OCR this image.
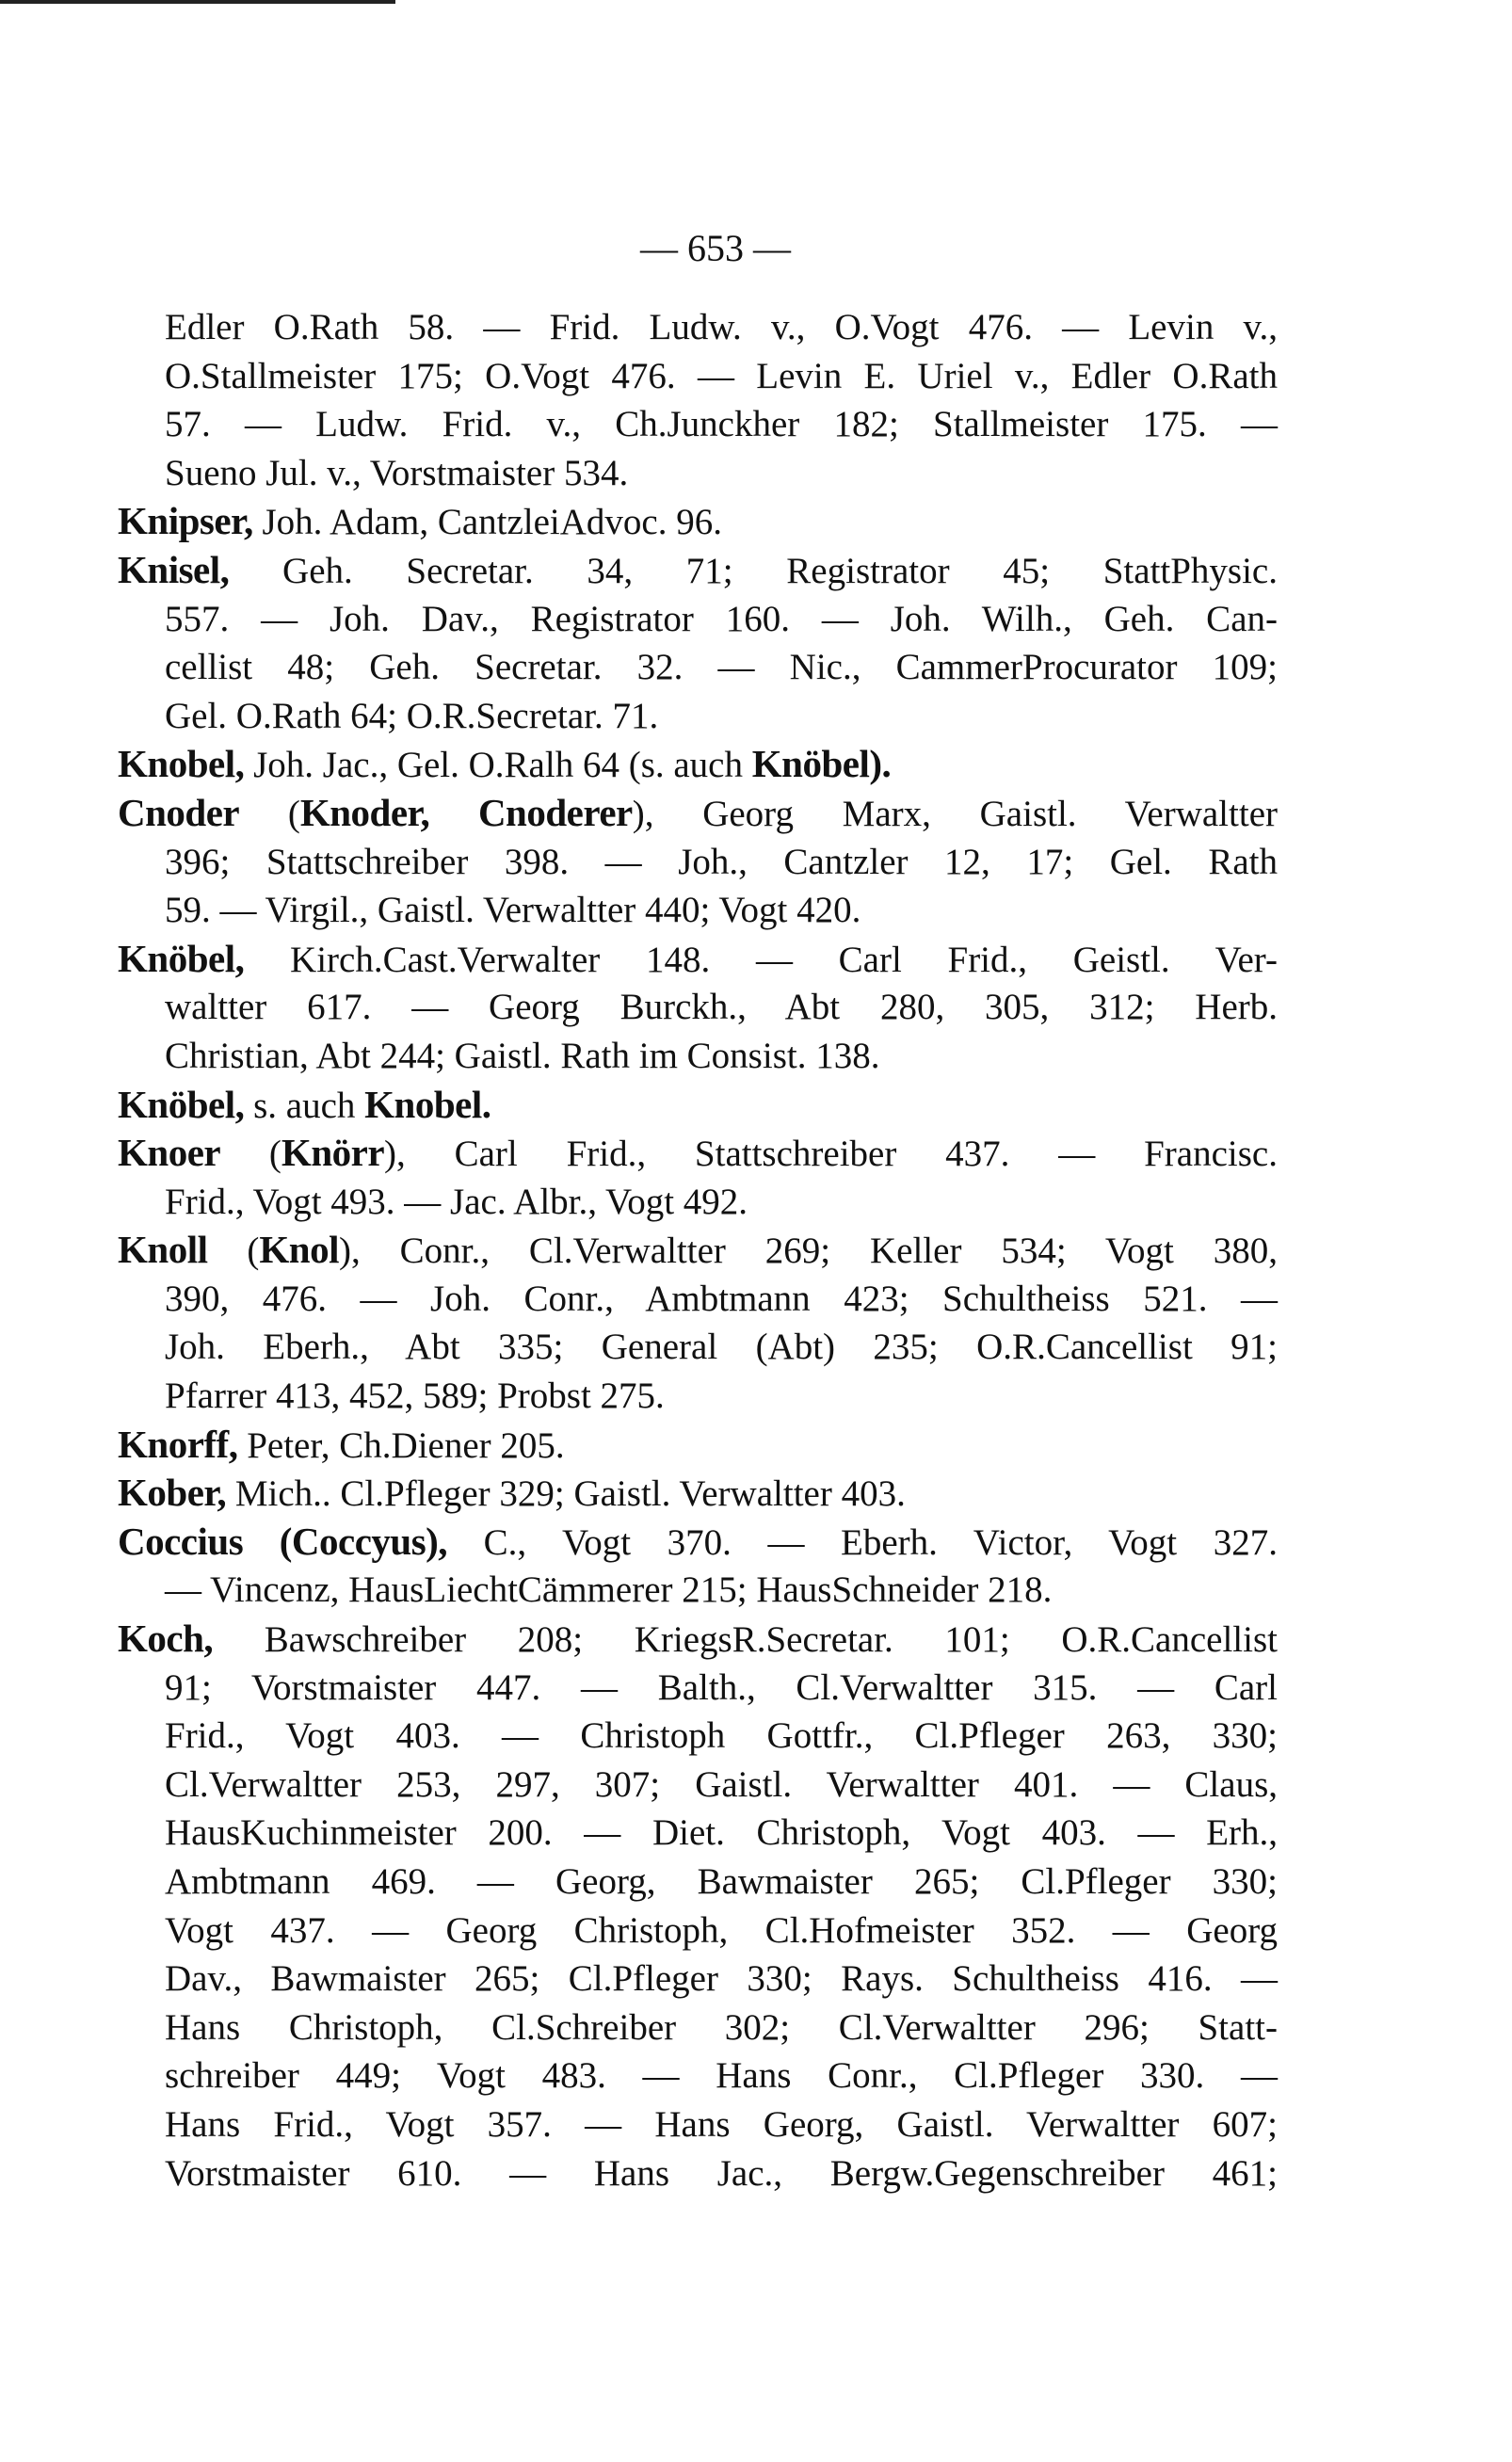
— 653 —
Edler O.Rath 58. — Frid. Ludw. v., O.Vogt 476. — Levin v.,
O.Stallmeister 175; O.Vogt 476. — Levin E. Uriel v., Edler O.Rath
57. — Ludw. Frid. v., Ch.Junckher 182; Stallmeister 175. —
Sueno Jul. v., Vorstmaister 534.
Knipser, Joh. Adam, CantzleiAdvoc. 96.
Knisel, Geh. Secretar. 34, 71; Registrator 45; StattPhysic.
557. — Joh. Dav., Registrator 160. — Joh. Wilh., Geh. Can-
cellist 48; Geh. Secretar. 32. — Nic., CammerProcurator 109;
Gel. O.Rath 64; O.R.Secretar. 71.
Knobel, Joh. Jac., Gel. O.Ralh 64 (s. auch Knöbel).
Cnoder (Knoder, Cnoderer), Georg Marx, Gaistl. Verwaltter
396; Stattschreiber 398. — Joh., Cantzler 12, 17; Gel. Rath
59. — Virgil., Gaistl. Verwaltter 440; Vogt 420.
Knöbel, Kirch.Cast.Verwalter 148. — Carl Frid., Geistl. Ver-
waltter 617. — Georg Burckh., Abt 280, 305, 312; Herb.
Christian, Abt 244; Gaistl. Rath im Consist. 138.
Knöbel, s. auch Knobel.
Knoer (Knörr), Carl Frid., Stattschreiber 437. — Francisc.
Frid., Vogt 493. — Jac. Albr., Vogt 492.
Knoll (Knol), Conr., Cl.Verwaltter 269; Keller 534; Vogt 380,
390, 476. — Joh. Conr., Ambtmann 423; Schultheiss 521. —
Joh. Eberh., Abt 335; General (Abt) 235; O.R.Cancellist 91;
Pfarrer 413, 452, 589; Probst 275.
Knorff, Peter, Ch.Diener 205.
Kober, Mich.. Cl.Pfleger 329; Gaistl. Verwaltter 403.
Coccius (Coccyus), C., Vogt 370. — Eberh. Victor, Vogt 327.
— Vincenz, HausLiechtCämmerer 215; HausSchneider 218.
Koch, Bawschreiber 208; KriegsR.Secretar. 101; O.R.Cancellist
91; Vorstmaister 447. — Balth., Cl.Verwaltter 315. — Carl
Frid., Vogt 403. — Christoph Gottfr., Cl.Pfleger 263, 330;
Cl.Verwaltter 253, 297, 307; Gaistl. Verwaltter 401. — Claus,
HausKuchinmeister 200. — Diet. Christoph, Vogt 403. — Erh.,
Ambtmann 469. — Georg, Bawmaister 265; Cl.Pfleger 330;
Vogt 437. — Georg Christoph, Cl.Hofmeister 352. — Georg
Dav., Bawmaister 265; Cl.Pfleger 330; Rays. Schultheiss 416. —
Hans Christoph, Cl.Schreiber 302; Cl.Verwaltter 296; Statt-
schreiber 449; Vogt 483. — Hans Conr., Cl.Pfleger 330. —
Hans Frid., Vogt 357. — Hans Georg, Gaistl. Verwaltter 607;
Vorstmaister 610. — Hans Jac., Bergw.Gegenschreiber 461;
